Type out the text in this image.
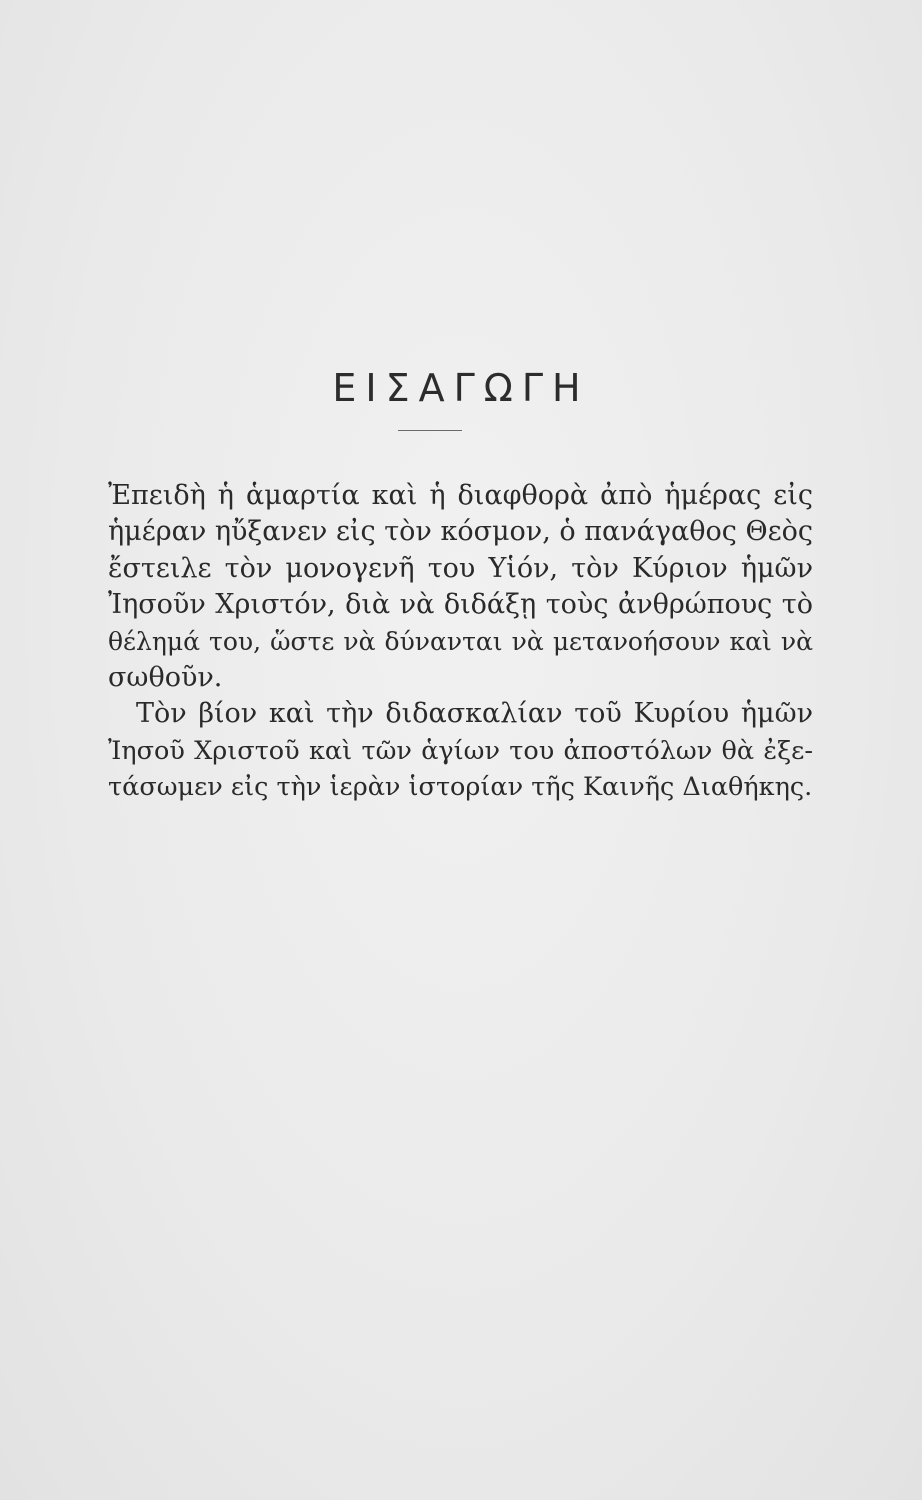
ΕΙΣΑΓΩΓΗ
Ἐπειδὴ ἡ ἁμαρτία καὶ ἡ διαφθορὰ ἀπὸ ἡμέρας εἰς
ἡμέραν ηὔξανεν εἰς τὸν κόσμον, ὁ πανάγαθος Θεὸς
ἔστειλε τὸν μονογενῆ του Υἱόν, τὸν Κύριον ἡμῶν
Ἰησοῦν Χριστόν, διὰ νὰ διδάξῃ τοὺς ἀνθρώπους τὸ
θέλημά του, ὥστε νὰ δύνανται νὰ μετανοήσουν καὶ νὰ
σωθοῦν.
Τὸν βίον καὶ τὴν διδασκαλίαν τοῦ Κυρίου ἡμῶν
Ἰησοῦ Χριστοῦ καὶ τῶν ἁγίων του ἀποστόλων θὰ ἐξε-
τάσωμεν εἰς τὴν ἱερὰν ἱστορίαν τῆς Καινῆς Διαθήκης.
